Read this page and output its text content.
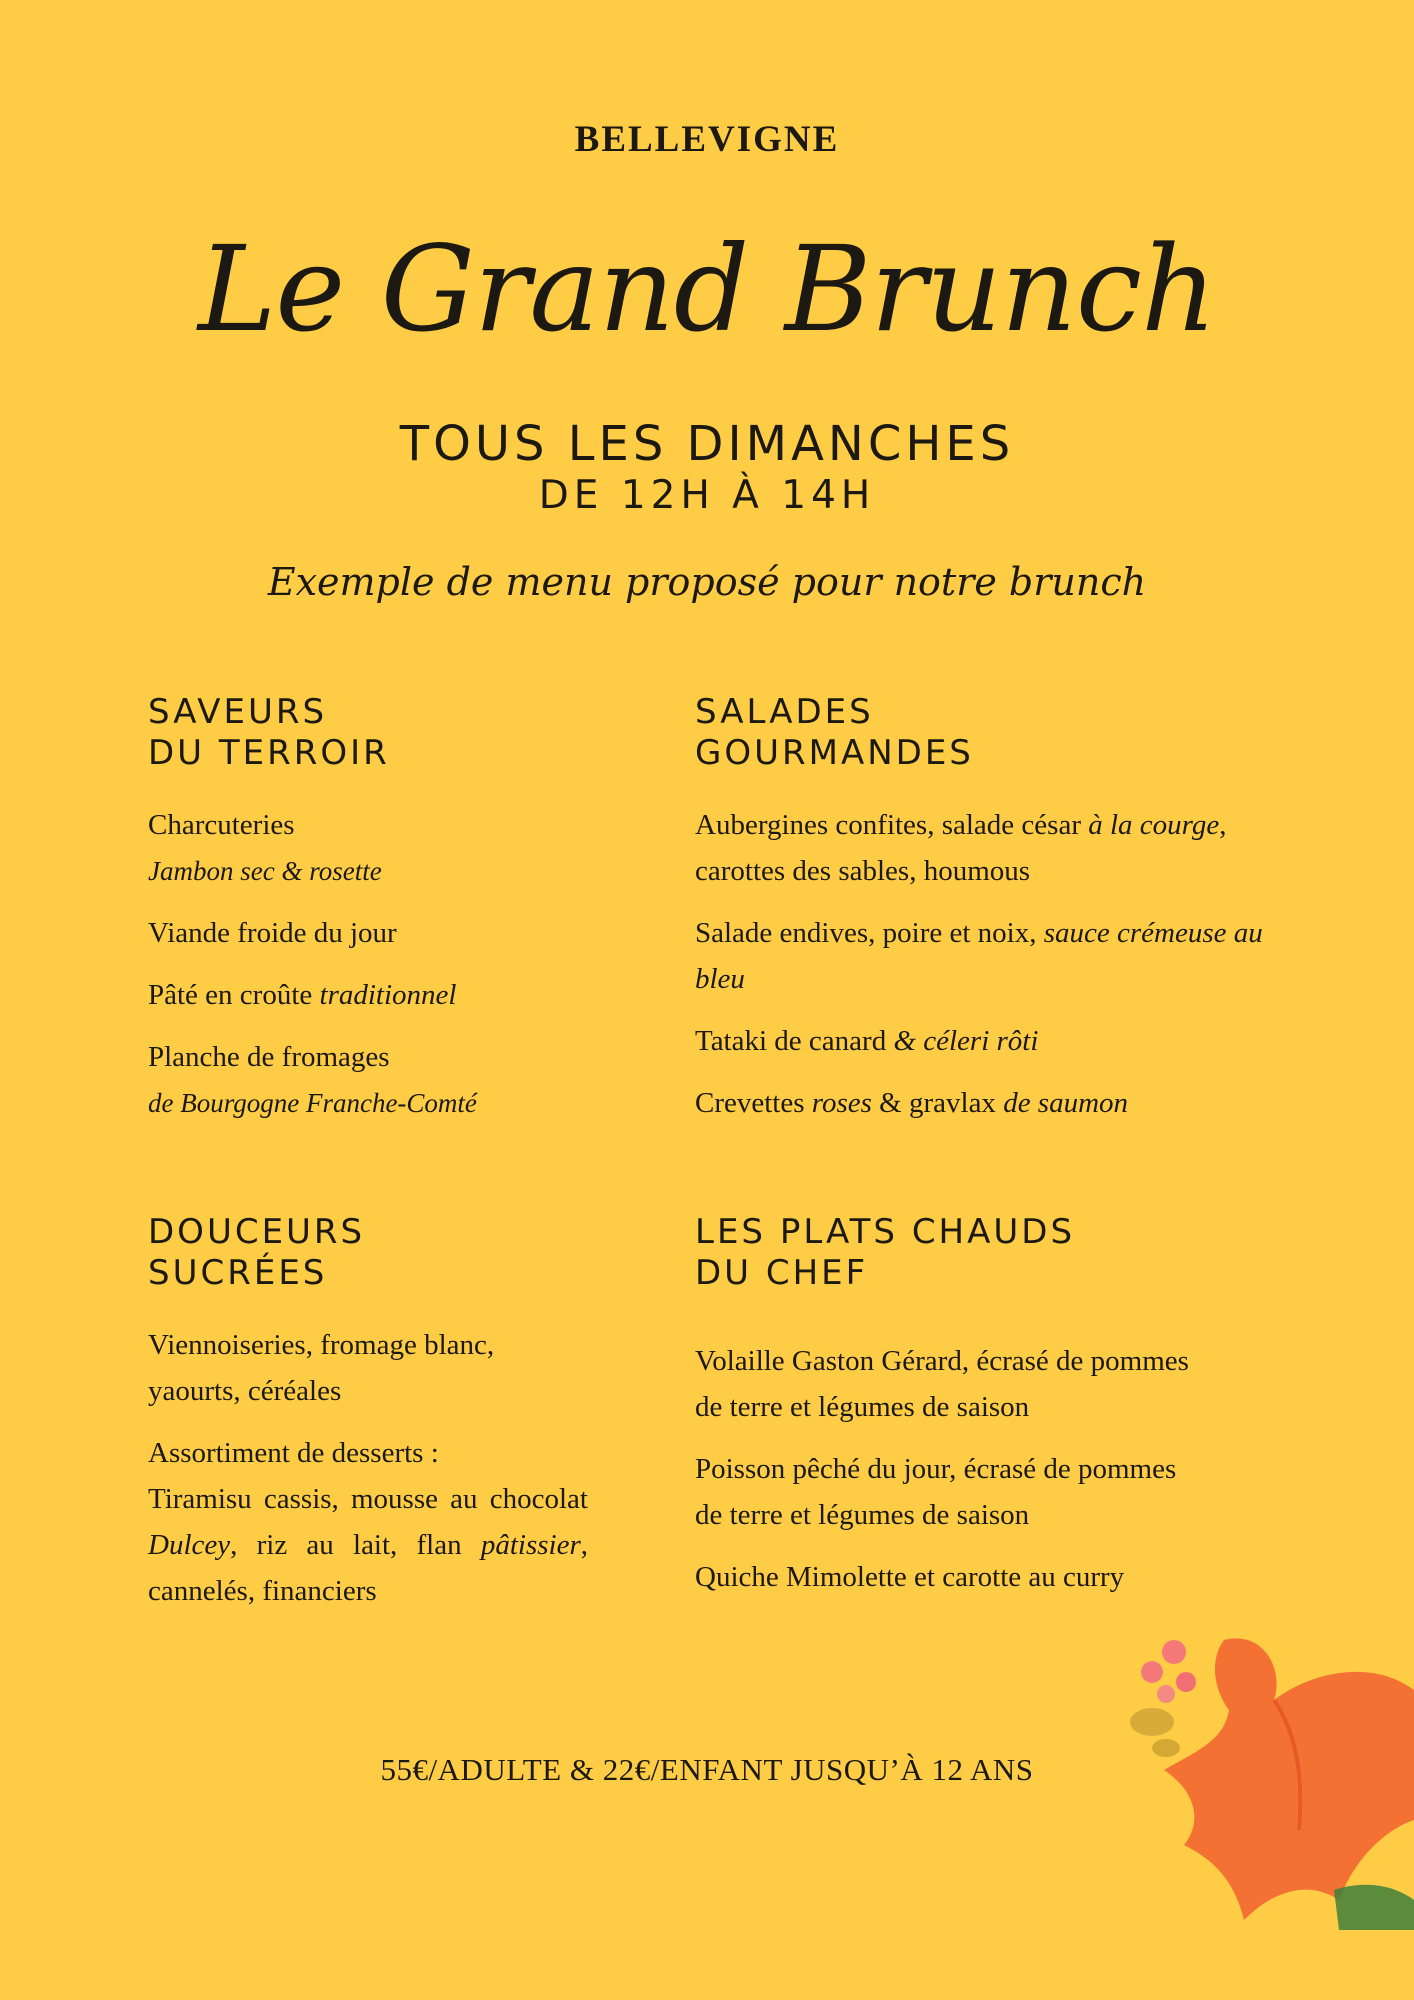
BELLEVIGNE
Le Grand Brunch
TOUS LES DIMANCHES
DE 12H À 14H
Exemple de menu proposé pour notre brunch
SAVEURS
DU TERROIR
Charcuteries
Jambon sec & rosette
Viande froide du jour
Pâté en croûte traditionnel
Planche de fromages
de Bourgogne Franche-Comté
SALADES
GOURMANDES
Aubergines confites, salade césar à la courge,
carottes des sables, houmous
Salade endives, poire et noix, sauce crémeuse au bleu
Tataki de canard & céleri rôti
Crevettes roses & gravlax de saumon
DOUCEURS
SUCRÉES
Viennoiseries, fromage blanc,
yaourts, céréales
Assortiment de desserts :
Tiramisu cassis, mousse au chocolat Dulcey, riz au lait, flan pâtissier, cannelés, financiers
LES PLATS CHAUDS
DU CHEF
Volaille Gaston Gérard, écrasé de pommes
de terre et légumes de saison
Poisson pêché du jour, écrasé de pommes
de terre et légumes de saison
Quiche Mimolette et carotte au curry
55€/ADULTE & 22€/ENFANT JUSQU’À 12 ANS
